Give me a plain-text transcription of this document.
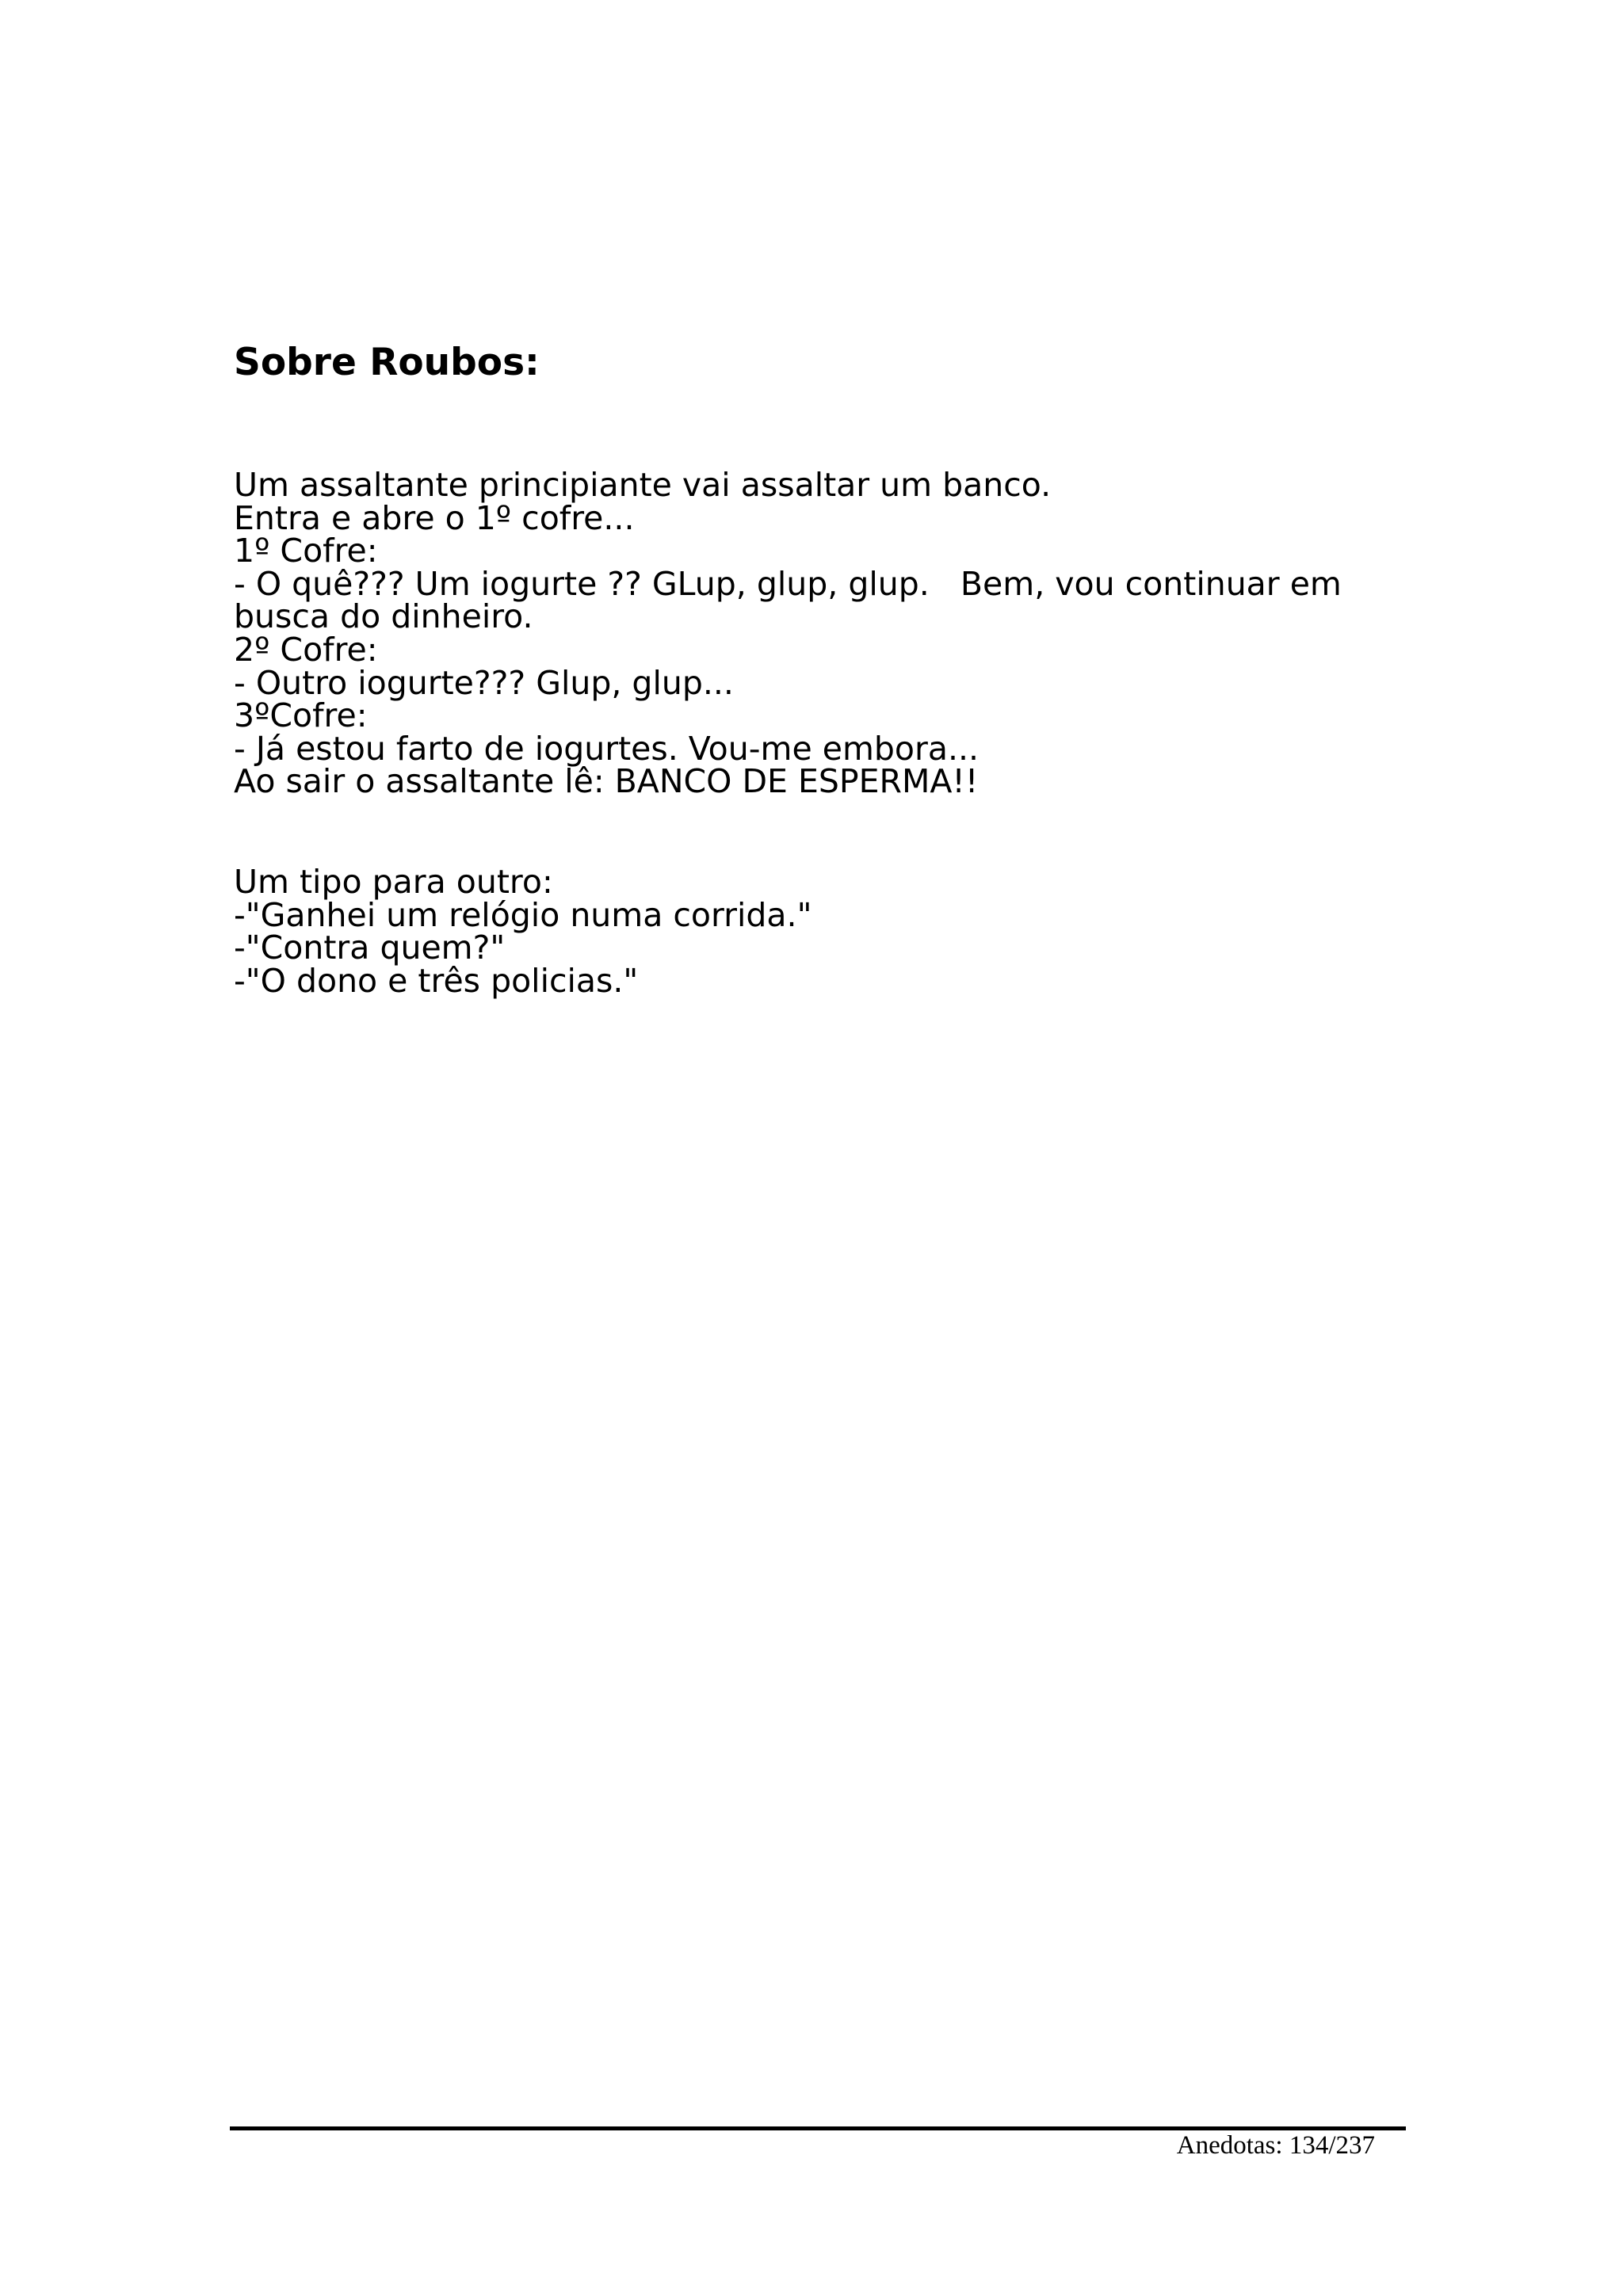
Sobre Roubos:
Um assaltante principiante vai assaltar um banco.
Entra e abre o 1º cofre...
1º Cofre:
- O quê??? Um iogurte ?? GLup, glup, glup.   Bem, vou continuar em busca do dinheiro.
2º Cofre:
- Outro iogurte??? Glup, glup...
3ºCofre:
- Já estou farto de iogurtes. Vou-me embora...
Ao sair o assaltante lê: BANCO DE ESPERMA!!
Um tipo para outro:
-"Ganhei um relógio numa corrida."
-"Contra quem?"
-"O dono e três policias."
Anedotas: 134/237
